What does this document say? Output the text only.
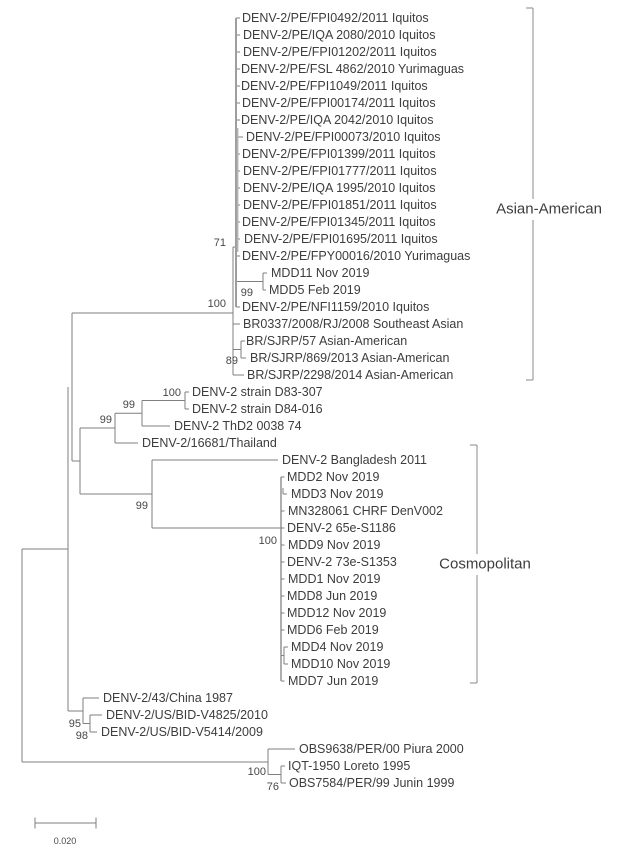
DENV-2/PE/FPI0492/2011 Iquitos
DENV-2/PE/IQA 2080/2010 Iquitos
DENV-2/PE/FPI01202/2011 Iquitos
DENV-2/PE/FSL 4862/2010 Yurimaguas
DENV-2/PE/FPI1049/2011 Iquitos
DENV-2/PE/FPI00174/2011 Iquitos
DENV-2/PE/IQA 2042/2010 Iquitos
DENV-2/PE/FPI00073/2010 Iquitos
DENV-2/PE/FPI01399/2011 Iquitos
DENV-2/PE/FPI01777/2011 Iquitos
DENV-2/PE/IQA 1995/2010 Iquitos
DENV-2/PE/FPI01851/2011 Iquitos
DENV-2/PE/FPI01345/2011 Iquitos
DENV-2/PE/FPI01695/2011 Iquitos
DENV-2/PE/FPY00016/2010 Yurimaguas
MDD11 Nov 2019
MDD5 Feb 2019
DENV-2/PE/NFI1159/2010 Iquitos
BR0337/2008/RJ/2008 Southeast Asian
BR/SJRP/57 Asian-American
BR/SJRP/869/2013 Asian-American
BR/SJRP/2298/2014 Asian-American
DENV-2 strain D83-307
DENV-2 strain D84-016
DENV-2 ThD2 0038 74
DENV-2/16681/Thailand
DENV-2 Bangladesh 2011
MDD2 Nov 2019
MDD3 Nov 2019
MN328061 CHRF DenV002
DENV-2 65e-S1186
MDD9 Nov 2019
DENV-2 73e-S1353
MDD1 Nov 2019
MDD8 Jun 2019
MDD12 Nov 2019
MDD6 Feb 2019
MDD4 Nov 2019
MDD10 Nov 2019
MDD7 Jun 2019
DENV-2/43/China 1987
DENV-2/US/BID-V4825/2010
DENV-2/US/BID-V5414/2009
OBS9638/PER/00 Piura 2000
IQT-1950 Loreto 1995
OBS7584/PER/99 Junin 1999
71
100
99
89
100
99
99
99
100
95
98
100
76
Asian-American
Cosmopolitan
0.020
